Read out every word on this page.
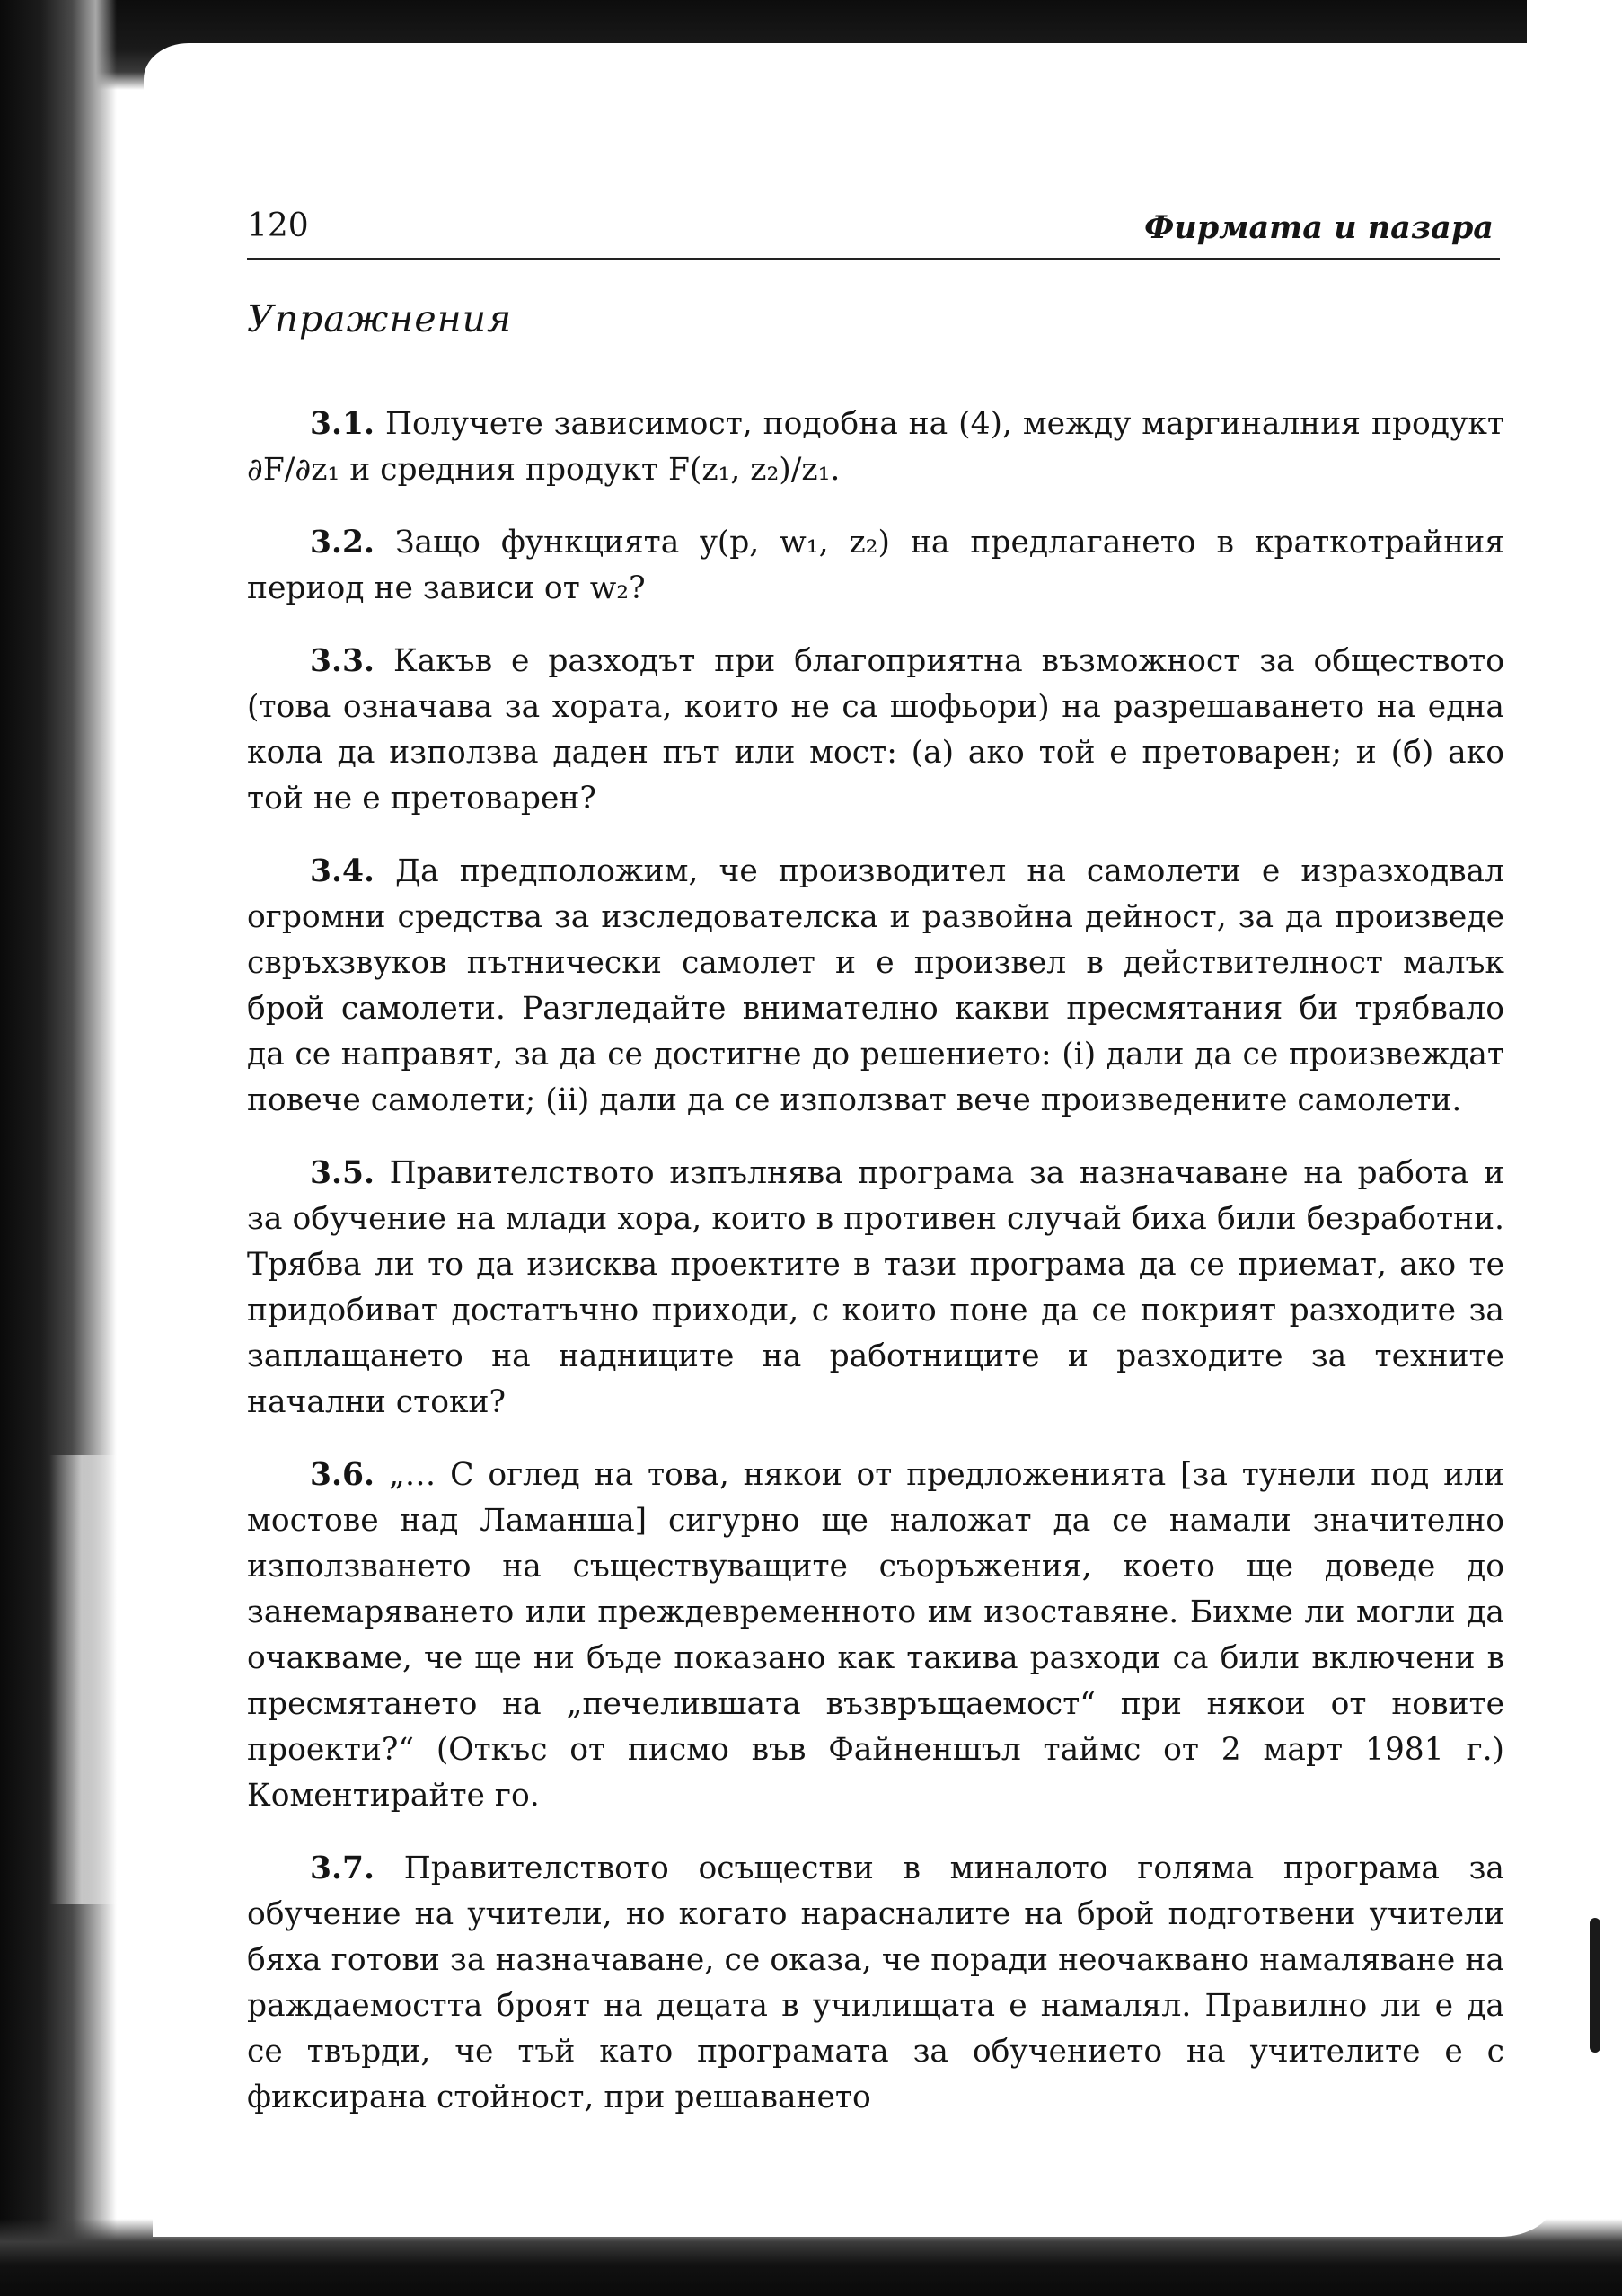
120	Фирмата и пазара
Упражнения

3.1. Получете зависимост, подобна на (4), между маргиналния продукт ∂F/∂z₁ и средния продукт F(z₁, z₂)/z₁.

3.2. Защо функцията y(p, w₁, z₂) на предлагането в краткотрайния период не зависи от w₂?

3.3. Какъв е разходът при благоприятна възможност за обществото (това означава за хората, които не са шофьори) на разрешаването на една кола да използва даден път или мост: (а) ако той е претоварен; и (б) ако той не е претоварен?

3.4. Да предположим, че производител на самолети е изразходвал огромни средства за изследователска и развойна дейност, за да произведе свръхзвуков пътнически самолет и е произвел в действителност малък брой самолети. Разгледайте внимателно какви пресмятания би трябвало да се направят, за да се достигне до решението: (i) дали да се произвеждат повече самолети; (ii) дали да се използват вече произведените самолети.

3.5. Правителството изпълнява програма за назначаване на работа и за обучение на млади хора, които в противен случай биха били безработни. Трябва ли то да изисква проектите в тази програма да се приемат, ако те придобиват достатъчно приходи, с които поне да се покрият разходите за заплащането на надниците на работниците и разходите за техните начални стоки?

3.6. „… С оглед на това, някои от предложенията [за тунели под или мостове над Ламанша] сигурно ще наложат да се намали значително използването на съществуващите съоръжения, което ще доведе до занемаряването или преждевременното им изоставяне. Бихме ли могли да очакваме, че ще ни бъде показано как такива разходи са били включени в пресмятането на „печелившата възвръщаемост“ при някои от новите проекти?“ (Откъс от писмо във Файненшъл таймс от 2 март 1981 г.) Коментирайте го.

3.7. Правителството осъществи в миналото голяма програма за обучение на учители, но когато нарасналите на брой подготвени учители бяха готови за назначаване, се оказа, че поради неочаквано намаляване на раждаемостта броят на децата в училищата е намалял. Правилно ли е да се твърди, че тъй като програмата за обучението на учителите е с фиксирана стойност, при решаването
